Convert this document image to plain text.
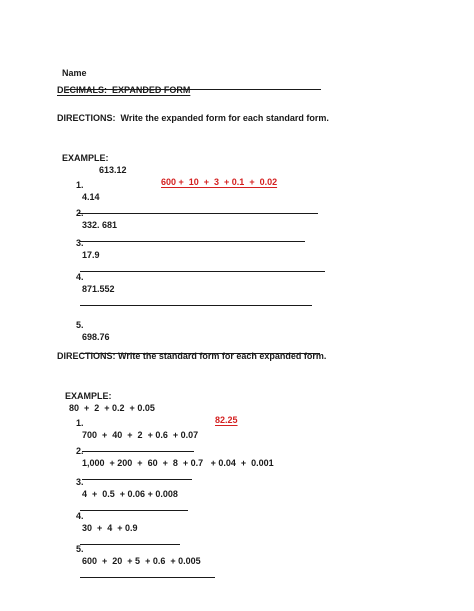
Name

DECIMALS:  EXPANDED FORM
DIRECTIONS:  Write the expanded form for each standard form.

EXAMPLE:

613.12

600 +  10  +  3  + 0.1  +  0.02

1.
4.14

2.
332. 681

3.
17.9

4.
871.552

5.
698.76

DIRECTIONS: Write the standard form for each expanded form.

EXAMPLE:
80  +  2  + 0.2  + 0.05

82.25

1.
700  +  40  +  2  + 0.6  + 0.07

2.
1,000  + 200  +  60  +  8  + 0.7   + 0.04  +  0.001

3.
4  +  0.5  + 0.06 + 0.008

4.
30  +  4  + 0.9

5.
600  +  20  + 5  + 0.6  + 0.005
